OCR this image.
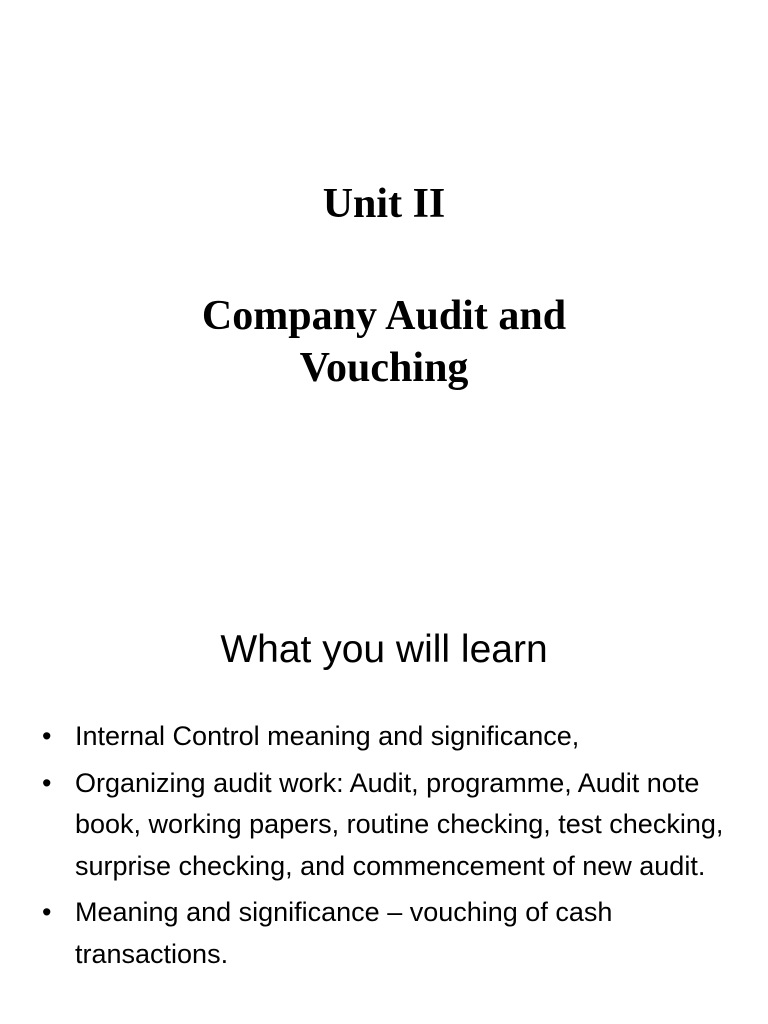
Unit II
Company Audit and
Vouching
What you will learn
• Internal Control meaning and significance,
• Organizing audit work: Audit, programme, Audit note book, working papers, routine checking, test checking, surprise checking, and commencement of new audit.
• Meaning and significance – vouching of cash transactions.
